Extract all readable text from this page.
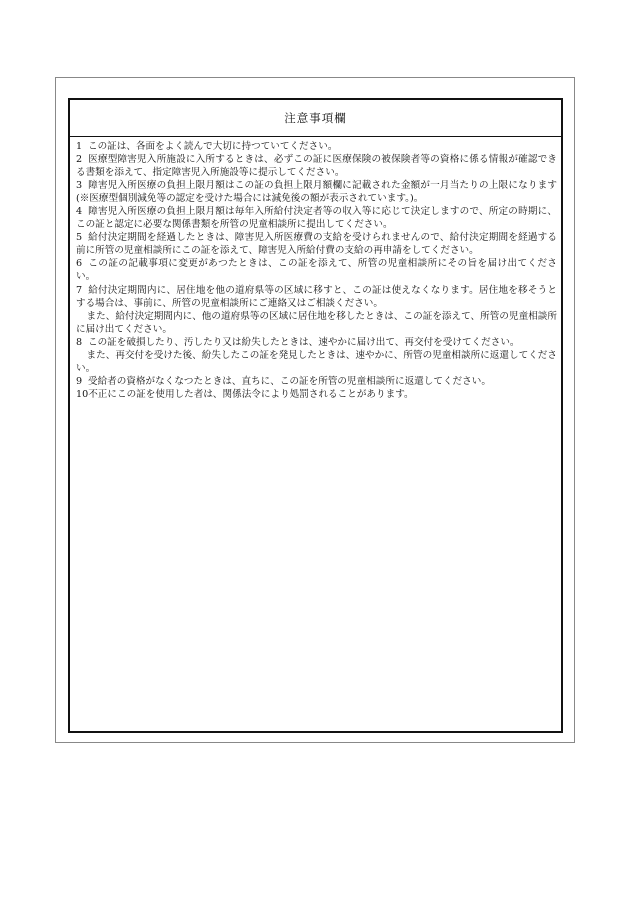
注意事項欄
1 この証は、各面をよく読んで大切に持つていてください。
2 医療型障害児入所施設に入所するときは、必ずこの証に医療保険の被保険者等の資格に係る情報が確認できる書類を添えて、指定障害児入所施設等に提示してください。
3 障害児入所医療の負担上限月額はこの証の負担上限月額欄に記載された金額が一月当たりの上限になります(※医療型個別減免等の認定を受けた場合には減免後の額が表示されています。)。
4 障害児入所医療の負担上限月額は毎年入所給付決定者等の収入等に応じて決定しますので、所定の時期に、この証と認定に必要な関係書類を所管の児童相談所に提出してください。
5 給付決定期間を経過したときは、障害児入所医療費の支給を受けられませんので、給付決定期間を経過する前に所管の児童相談所にこの証を添えて、障害児入所給付費の支給の再申請をしてください。
6 この証の記載事項に変更があつたときは、この証を添えて、所管の児童相談所にその旨を届け出てください。
7 給付決定期間内に、居住地を他の道府県等の区域に移すと、この証は使えなくなります。居住地を移そうとする場合は、事前に、所管の児童相談所にご連絡又はご相談ください。
また、給付決定期間内に、他の道府県等の区域に居住地を移したときは、この証を添えて、所管の児童相談所に届け出てください。
8 この証を破損したり、汚したり又は紛失したときは、速やかに届け出て、再交付を受けてください。
また、再交付を受けた後、紛失したこの証を発見したときは、速やかに、所管の児童相談所に返還してください。
9 受給者の資格がなくなつたときは、直ちに、この証を所管の児童相談所に返還してください。
10不正にこの証を使用した者は、関係法令により処罰されることがあります。
